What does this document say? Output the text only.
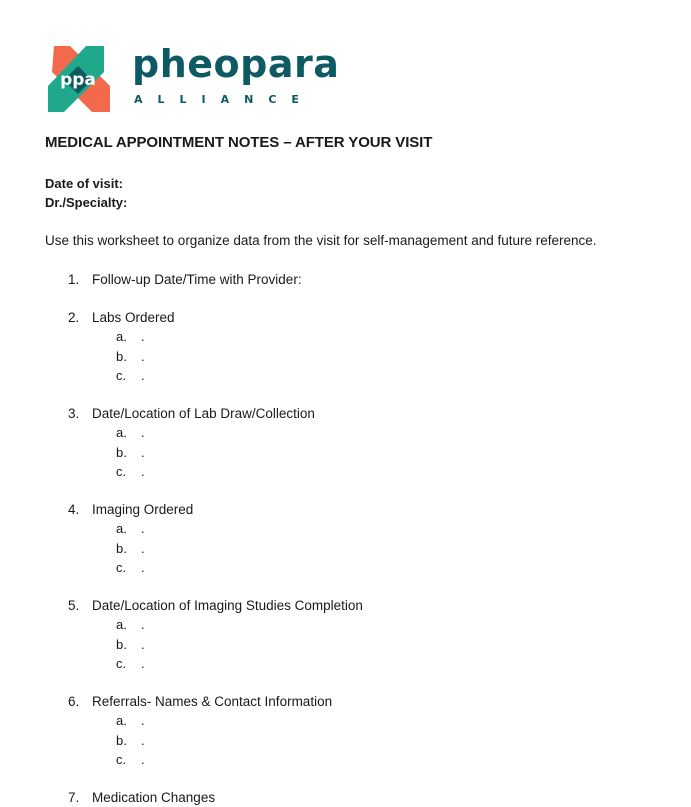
ppa pheopara
ALLIANCE
MEDICAL APPOINTMENT NOTES – AFTER YOUR VISIT
Date of visit:
Dr./Specialty:
Use this worksheet to organize data from the visit for self-management and future reference.
1. Follow-up Date/Time with Provider:
2. Labs Ordered
a. .
b. .
c. .
3. Date/Location of Lab Draw/Collection
a. .
b. .
c. .
4. Imaging Ordered
a. .
b. .
c. .
5. Date/Location of Imaging Studies Completion
a. .
b. .
c. .
6. Referrals- Names & Contact Information
a. .
b. .
c. .
7. Medication Changes
